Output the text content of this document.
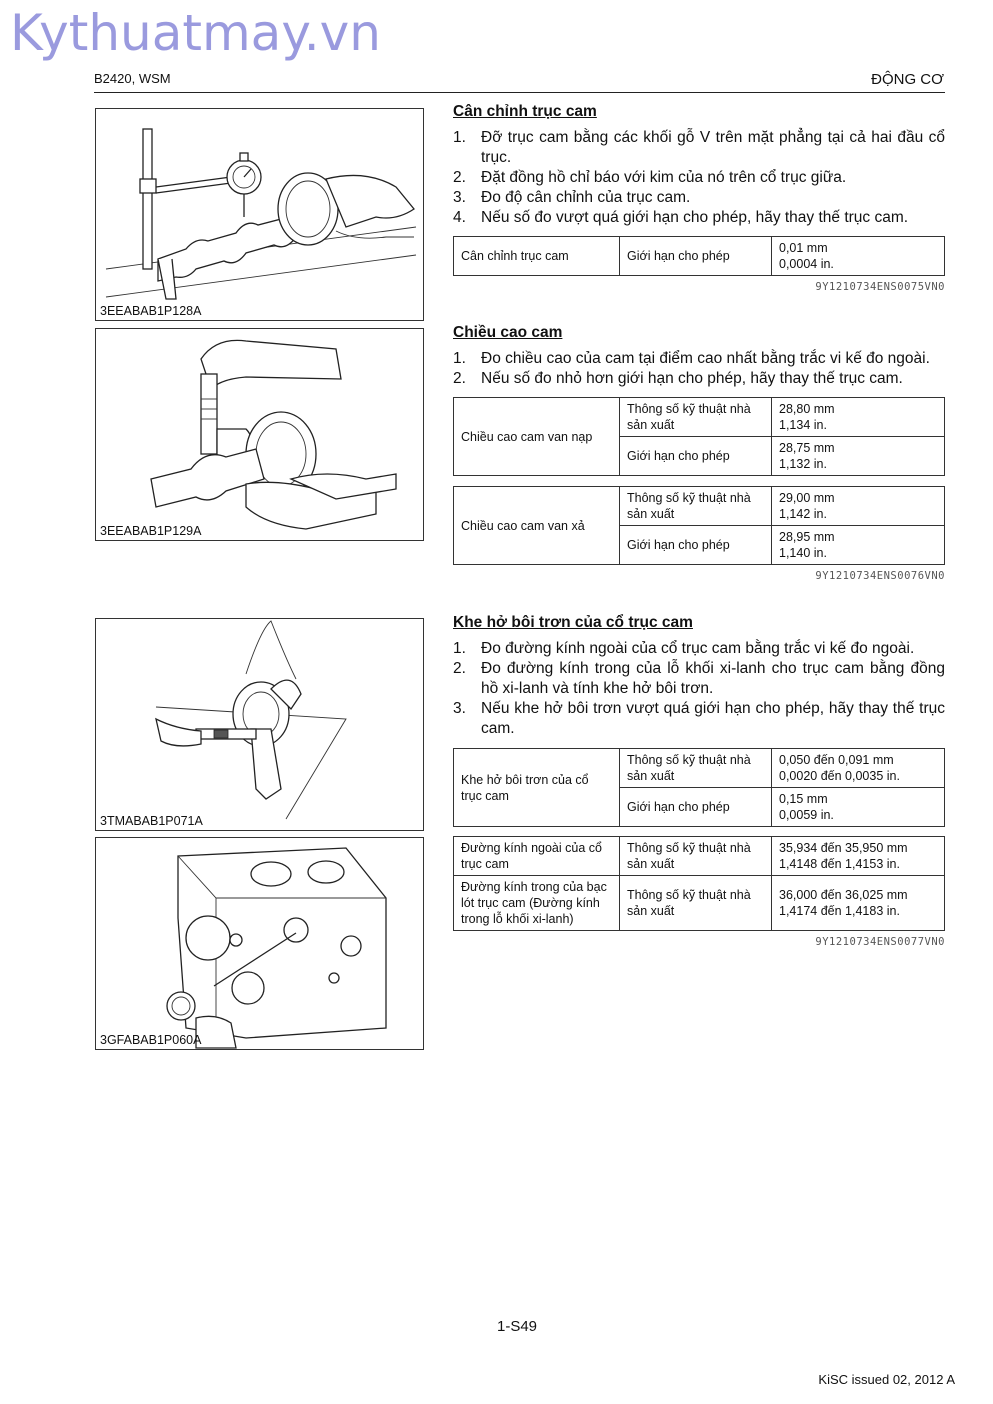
Kythuatmay.vn
B2420, WSM	ĐỘNG CƠ
3EEABAB1P128A
3EEABAB1P129A
3TMABAB1P071A
3GFABAB1P060A
Cân chỉnh trục cam
1. Đỡ trục cam bằng các khối gỗ V trên mặt phẳng tại cả hai đầu cổ trục.
2. Đặt đồng hồ chỉ báo với kim của nó trên cổ trục giữa.
3. Đo độ cân chỉnh của trục cam.
4. Nếu số đo vượt quá giới hạn cho phép, hãy thay thế trục cam.
Cân chỉnh trục cam	Giới hạn cho phép	0,01 mm
0,0004 in.
9Y1210734ENS0075VN0
Chiều cao cam
1. Đo chiều cao của cam tại điểm cao nhất bằng trắc vi kế đo ngoài.
2. Nếu số đo nhỏ hơn giới hạn cho phép, hãy thay thế trục cam.
Chiều cao cam van nạp	Thông số kỹ thuật nhà sản xuất	28,80 mm
1,134 in.
	Giới hạn cho phép	28,75 mm
1,132 in.
Chiều cao cam van xả	Thông số kỹ thuật nhà sản xuất	29,00 mm
1,142 in.
	Giới hạn cho phép	28,95 mm
1,140 in.
9Y1210734ENS0076VN0
Khe hở bôi trơn của cổ trục cam
1. Đo đường kính ngoài của cổ trục cam bằng trắc vi kế đo ngoài.
2. Đo đường kính trong của lỗ khối xi-lanh cho trục cam bằng đồng hồ xi-lanh và tính khe hở bôi trơn.
3. Nếu khe hở bôi trơn vượt quá giới hạn cho phép, hãy thay thế trục cam.
Khe hở bôi trơn của cổ trục cam	Thông số kỹ thuật nhà sản xuất	0,050 đến 0,091 mm
0,0020 đến 0,0035 in.
	Giới hạn cho phép	0,15 mm
0,0059 in.
Đường kính ngoài của cổ trục cam	Thông số kỹ thuật nhà sản xuất	35,934 đến 35,950 mm
1,4148 đến 1,4153 in.
Đường kính trong của bạc lót trục cam (Đường kính trong lỗ khối xi-lanh)	Thông số kỹ thuật nhà sản xuất	36,000 đến 36,025 mm
1,4174 đến 1,4183 in.
9Y1210734ENS0077VN0
1-S49
KiSC issued 02, 2012 A
